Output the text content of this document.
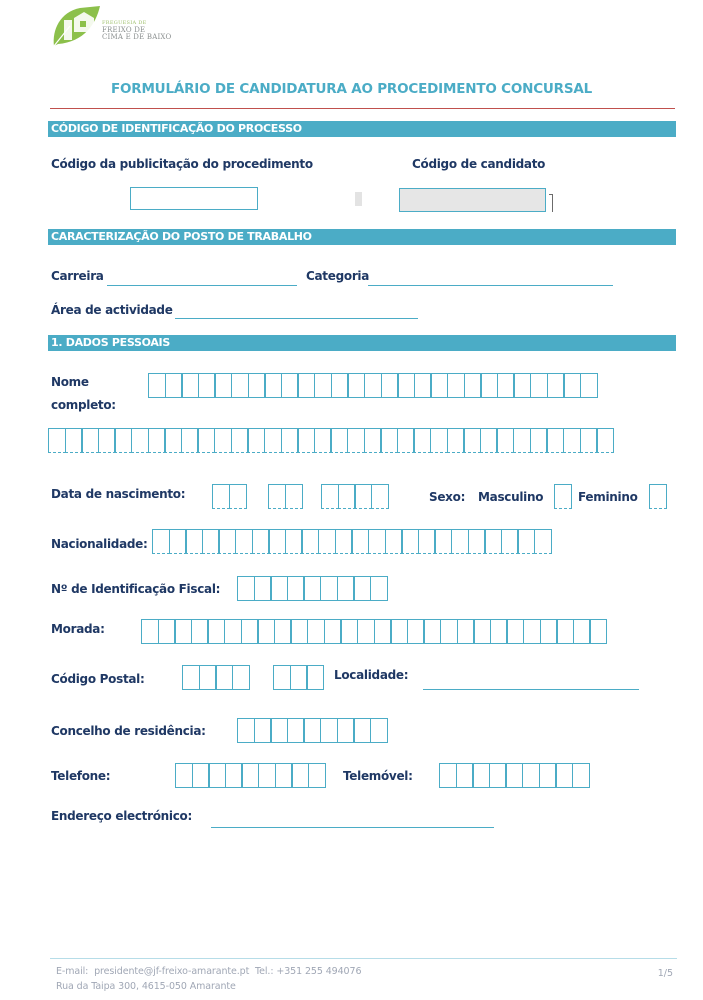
FREGUESIA DE
FREIXO DE
CIMA E DE BAIXO
FORMULÁRIO DE CANDIDATURA AO PROCEDIMENTO CONCURSAL
CÓDIGO DE IDENTIFICAÇÃO DO PROCESSO
Código da publicitação do procedimento	Código de candidato
CARACTERIZAÇÃO DO POSTO DE TRABALHO
Carreira	Categoria
Área de actividade
1. DADOS PESSOAIS
Nome
completo:
Data de nascimento:	Sexo: Masculino	Feminino
Nacionalidade:
Nº de Identificação Fiscal:
Morada:
Código Postal:	Localidade:
Concelho de residência:
Telefone:	Telemóvel:
Endereço electrónico:
E-mail:  presidente@jf-freixo-amarante.pt  Tel.: +351 255 494076
Rua da Taipa 300, 4615-050 Amarante
1/5
